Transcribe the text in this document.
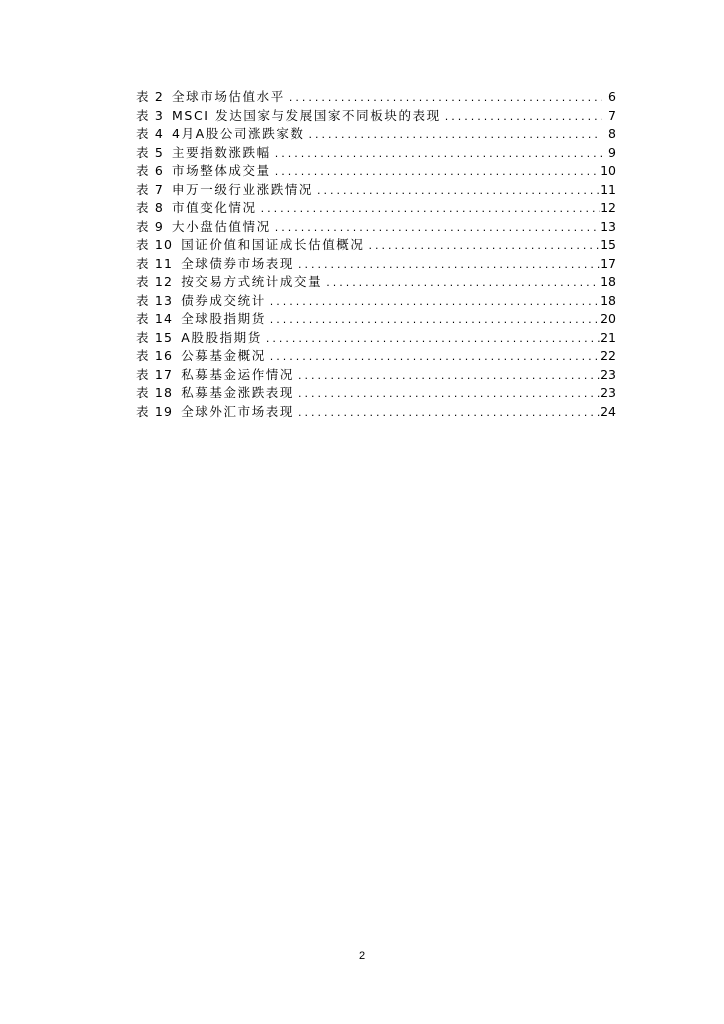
表 2 全球市场估值水平 .....	6
表 3 MSCI 发达国家与发展国家不同板块的表现 .....	7
表 4 4月A股公司涨跌家数 .....	8
表 5 主要指数涨跌幅 .....	9
表 6 市场整体成交量 .....	10
表 7 申万一级行业涨跌情况 .....	11
表 8 市值变化情况 .....	12
表 9 大小盘估值情况 .....	13
表 10 国证价值和国证成长估值概况 .....	15
表 11 全球债券市场表现 .....	17
表 12 按交易方式统计成交量 .....	18
表 13 债券成交统计 .....	18
表 14 全球股指期货 .....	20
表 15 A股股指期货 .....	21
表 16 公募基金概况 .....	22
表 17 私募基金运作情况 .....	23
表 18 私募基金涨跌表现 .....	23
表 19 全球外汇市场表现 .....	24
2
